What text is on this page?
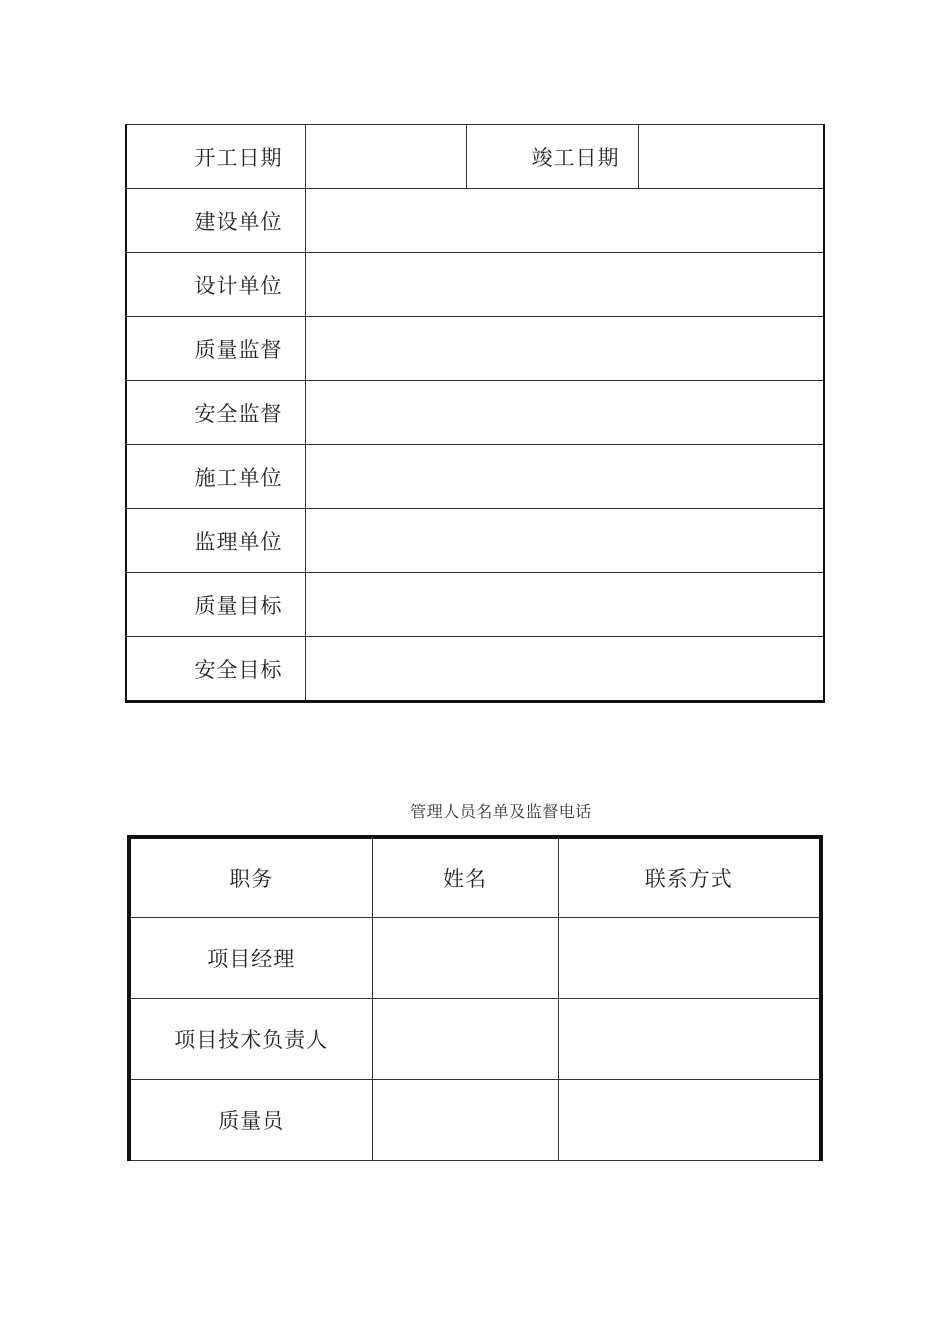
开工日期		竣工日期	
建设单位			
设计单位			
质量监督			
安全监督			
施工单位			
监理单位			
质量目标			
安全目标			
管理人员名单及监督电话
职务	姓名	联系方式
项目经理		
项目技术负责人		
质量员		
